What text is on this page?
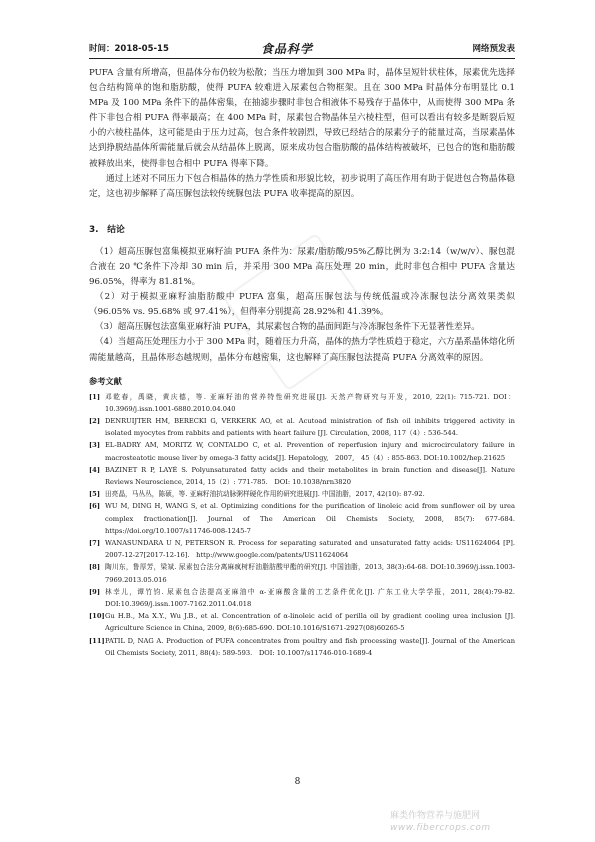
时间：2018-05-15	食品科学	网络预发表

PUFA 含量有所增高，但晶体分布仍较为松散；当压力增加到 300 MPa 时，晶体呈短针状柱体，尿素优先选择包合结构简单的饱和脂肪酸，使得 PUFA 较难进入尿素包合物框架。且在 300 MPa 时晶体分布明显比 0.1 MPa 及 100 MPa 条件下的晶体密集，在抽滤步骤时非包合相液体不易残存于晶体中，从而使得 300 MPa 条件下非包合相 PUFA 得率最高；在 400 MPa 时，尿素包合物晶体呈六棱柱型，但可以看出有较多是断裂后短小的六棱柱晶体，这可能是由于压力过高，包合条件较剧烈，导致已经结合的尿素分子的能量过高，当尿素晶体达到挣脱结晶体所需能量后就会从结晶体上脱离，原来成功包合脂肪酸的晶体结构被破坏，已包合的饱和脂肪酸被释放出来，使得非包合相中 PUFA 得率下降。

通过上述对不同压力下包合相晶体的热力学性质和形貌比较，初步说明了高压作用有助于促进包合物晶体稳定，这也初步解释了高压脲包法较传统脲包法 PUFA 收率提高的原因。

3.　结论

（1）超高压脲包富集模拟亚麻籽油 PUFA 条件为：尿素/脂肪酸/95%乙醇比例为 3:2:14（w/w/v）、脲包混合液在 20 ℃条件下冷却 30 min 后，并采用 300 MPa 高压处理 20 min，此时非包合相中 PUFA 含量达 96.05%，得率为 81.81%。

（2）对于模拟亚麻籽油脂肪酸中 PUFA 富集，超高压脲包法与传统低温或冷冻脲包法分离效果类似（96.05% vs. 95.68% 或 97.41%），但得率分别提高 28.92%和 41.39%。

（3）超高压脲包法富集亚麻籽油 PUFA，其尿素包合物的晶面间距与冷冻脲包条件下无显著性差异。

（4）当超高压处理压力小于 300 MPa 时，随着压力升高，晶体的热力学性质趋于稳定，六方晶系晶体熔化所需能量越高，且晶体形态越规则，晶体分布越密集，这也解释了高压脲包法提高 PUFA 分离效率的原因。

参考文献
[1] 邓乾春，禹晓，黄庆德，等. 亚麻籽油的营养特性研究进展[J]. 天然产物研究与开发，2010, 22(1): 715-721. DOI：10.3969/j.issn.1001-6880.2010.04.040
[2] DENRUIJTER HM, BERECKI G, VERKERK AO, et al. Acutoad ministration of fish oil inhibits triggered activity in isolated myocytes from rabbits and patients with heart failure [J]. Circulation, 2008, 117（4）: 536-544.
[3] EL-BADRY AM, MORITZ W, CONTALDO C, et al. Prevention of reperfusion injury and microcirculatory failure in macrosteatotic mouse liver by omega-3 fatty acids[J]. Hepatology,　2007,　45（4）: 855-863. DOI:10.1002/hep.21625
[4] BAZINET R P, LAYÉ S. Polyunsaturated fatty acids and their metabolites in brain function and disease[J]. Nature Reviews Neuroscience, 2014, 15（2）: 771-785.　DOI: 10.1038/nrn3820
[5] 田亮晶，马丛丛，陈硕，等. 亚麻籽油抗动脉粥样硬化作用的研究进展[J]. 中国油脂，2017, 42(10): 87-92.
[6] WU M, DING H, WANG S, et al. Optimizing conditions for the purification of linoleic acid from sunflower oil by urea complex fractionation[J]. Journal of The American Oil Chemists Society, 2008, 85(7): 677-684. https://doi.org/10.1007/s11746-008-1245-7
[7] WANASUNDARA U N, PETERSON R. Process for separating saturated and unsaturated fatty acids: US11624064 [P]. 2007-12-27[2017-12-16].　http://www.google.com/patents/US11624064
[8] 陶川东，鲁厚芳，梁斌. 尿素包合法分离麻疯树籽油脂肪酸甲酯的研究[J]. 中国油脂，2013, 38(3):64-68. DOI:10.3969/j.issn.1003-7969.2013.05.016
[9] 林幸儿，谭竹钧. 尿素包合法提高亚麻油中 α-亚麻酸含量的工艺条件优化[J]. 广东工业大学学报，2011, 28(4):79-82. DOI:10.3969/j.issn.1007-7162.2011.04.018
[10] Gu H.B., Ma X.Y., Wu J.B., et al. Concentration of α-linoleic acid of perilla oil by gradient cooling urea inclusion [J]. Agriculture Science in China, 2009, 8(6):685-690. DOI:10.1016/S1671-2927(08)60265-5
[11] PATIL D, NAG A. Production of PUFA concentrates from poultry and fish processing waste[J]. Journal of the American Oil Chemists Society, 2011, 88(4): 589-593.　DOI: 10.1007/s11746-010-1689-4
8
麻类作物营养与施肥网
www.fibercrops.com
